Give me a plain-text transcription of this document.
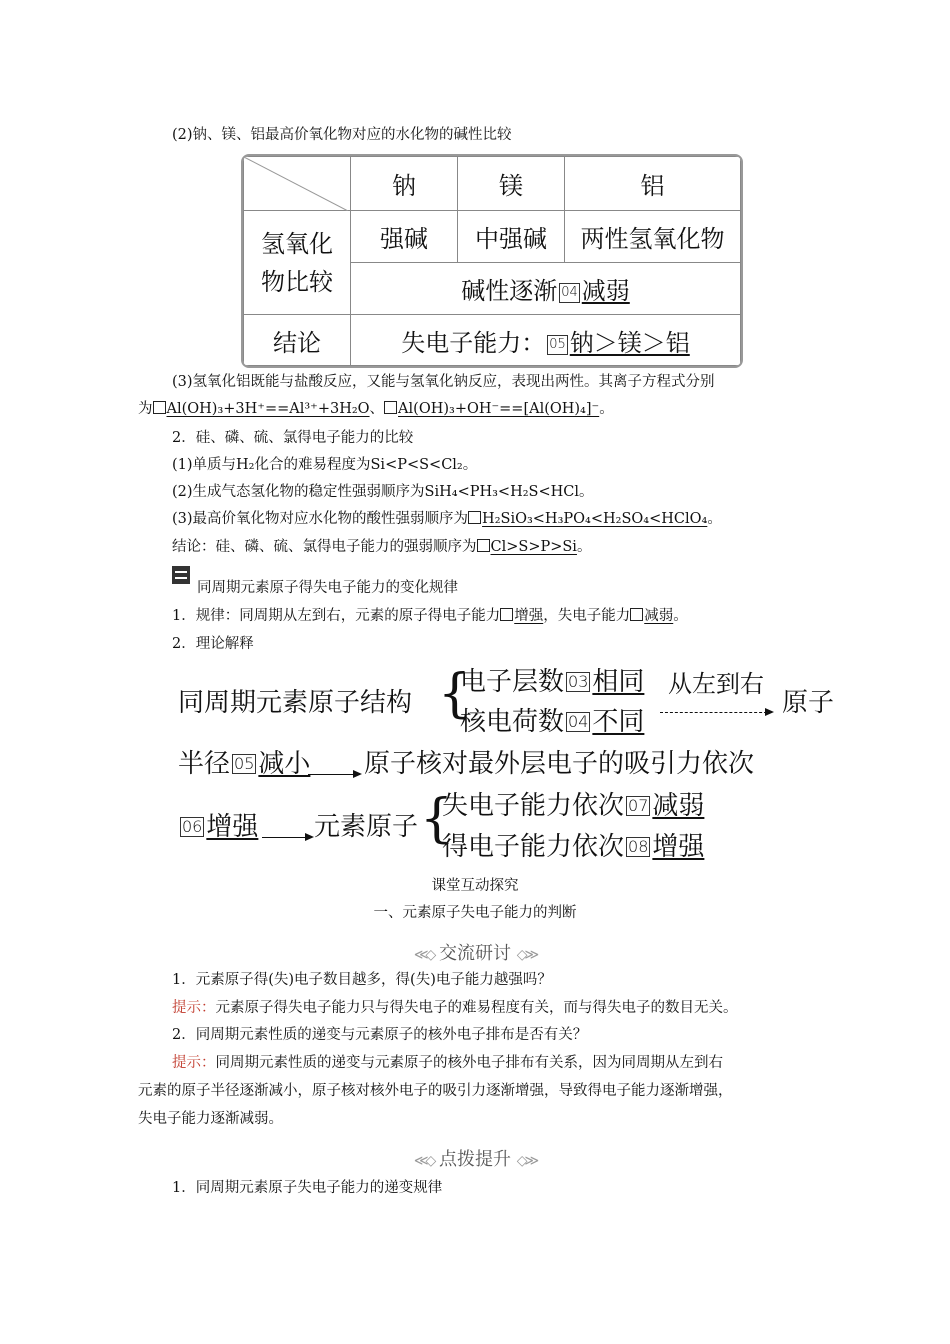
(2)钠、镁、铝最高价氧化物对应的水化物的碱性比较
	钠	镁	铝
氢氧化物比较	强碱	中强碱	两性氢氧化物
	碱性逐渐 04 减弱		
结论	失电子能力： 05 钠＞镁＞铝		
(3)氢氧化铝既能与盐酸反应，又能与氢氧化钠反应，表现出两性。其离子方程式分别
为 Al(OH)₃+3H⁺==Al³⁺+3H₂O、 Al(OH)₃+OH⁻==[Al(OH)₄]⁻。
2．硅、磷、硫、氯得电子能力的比较
(1)单质与H₂化合的难易程度为Si<P<S<Cl₂。
(2)生成气态氢化物的稳定性强弱顺序为SiH₄<PH₃<H₂S<HCl。
(3)最高价氧化物对应水化物的酸性强弱顺序为 H₂SiO₃<H₃PO₄<H₂SO₄<HClO₄。
结论：硅、磷、硫、氯得电子能力的强弱顺序为 Cl>S>P>Si。
同周期元素原子得失电子能力的变化规律
1．规律：同周期从左到右，元素的原子得电子能力 增强，失电子能力 减弱。
2．理论解释
同周期元素原子结构 {
电子层数 03 相同
核电荷数 04 不同
从左到右
原子
半径 05 减小 原子核对最外层电子的吸引力依次
06 增强 元素原子 {
失电子能力依次 07 减弱
得电子能力依次 08 增强
课堂互动探究
一、元素原子失电子能力的判断
≪◇ 交流研讨 ◇≫
1．元素原子得(失)电子数目越多，得(失)电子能力越强吗？
提示：元素原子得失电子能力只与得失电子的难易程度有关，而与得失电子的数目无关。
2．同周期元素性质的递变与元素原子的核外电子排布是否有关？
提示：同周期元素性质的递变与元素原子的核外电子排布有关系，因为同周期从左到右
元素的原子半径逐渐减小，原子核对核外电子的吸引力逐渐增强，导致得电子能力逐渐增强，
失电子能力逐渐减弱。
≪◇ 点拨提升 ◇≫
1．同周期元素原子失电子能力的递变规律
